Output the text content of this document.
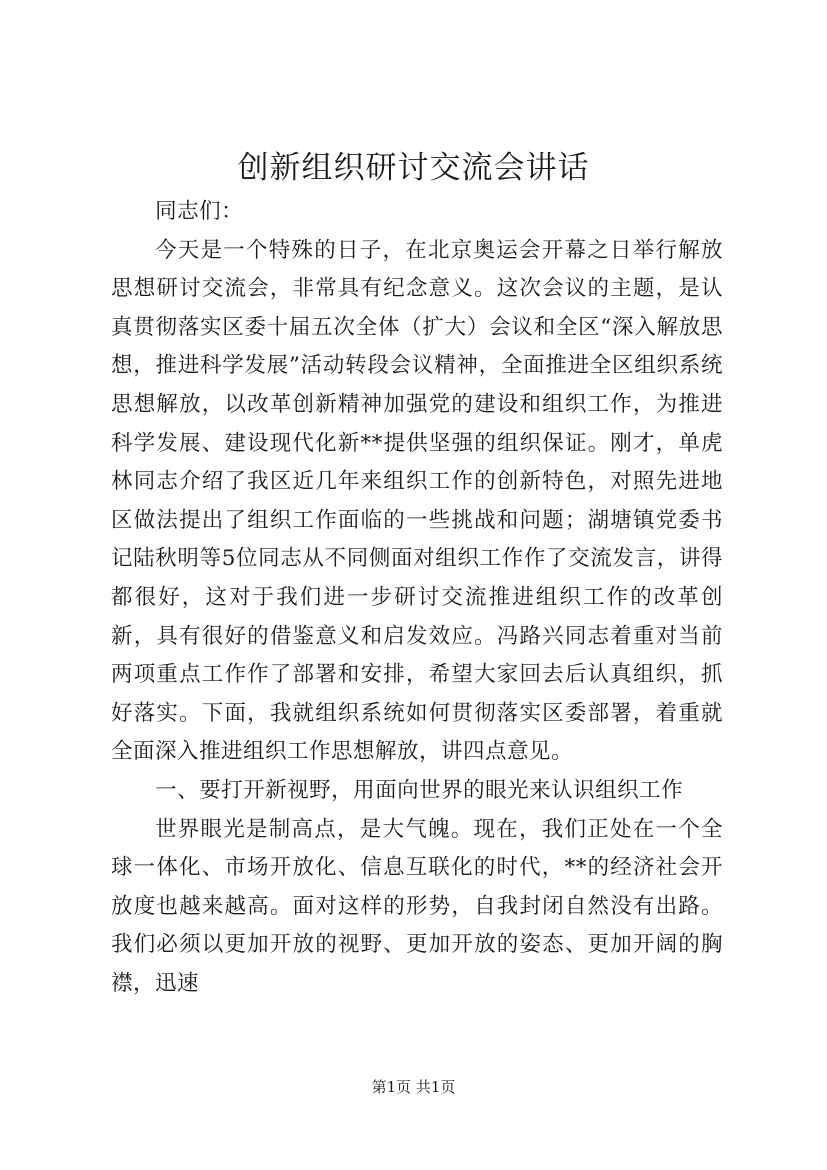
创新组织研讨交流会讲话

同志们：

今天是一个特殊的日子，在北京奥运会开幕之日举行解放思想研讨交流会，非常具有纪念意义。这次会议的主题，是认真贯彻落实区委十届五次全体（扩大）会议和全区“深入解放思想，推进科学发展”活动转段会议精神，全面推进全区组织系统思想解放，以改革创新精神加强党的建设和组织工作，为推进科学发展、建设现代化新**提供坚强的组织保证。刚才，单虎林同志介绍了我区近几年来组织工作的创新特色，对照先进地区做法提出了组织工作面临的一些挑战和问题；湖塘镇党委书记陆秋明等5位同志从不同侧面对组织工作作了交流发言，讲得都很好，这对于我们进一步研讨交流推进组织工作的改革创新，具有很好的借鉴意义和启发效应。冯路兴同志着重对当前两项重点工作作了部署和安排，希望大家回去后认真组织，抓好落实。下面，我就组织系统如何贯彻落实区委部署，着重就全面深入推进组织工作思想解放，讲四点意见。

一、要打开新视野，用面向世界的眼光来认识组织工作

世界眼光是制高点，是大气魄。现在，我们正处在一个全球一体化、市场开放化、信息互联化的时代，**的经济社会开放度也越来越高。面对这样的形势，自我封闭自然没有出路。我们必须以更加开放的视野、更加开放的姿态、更加开阔的胸襟，迅速

第1页 共1页
